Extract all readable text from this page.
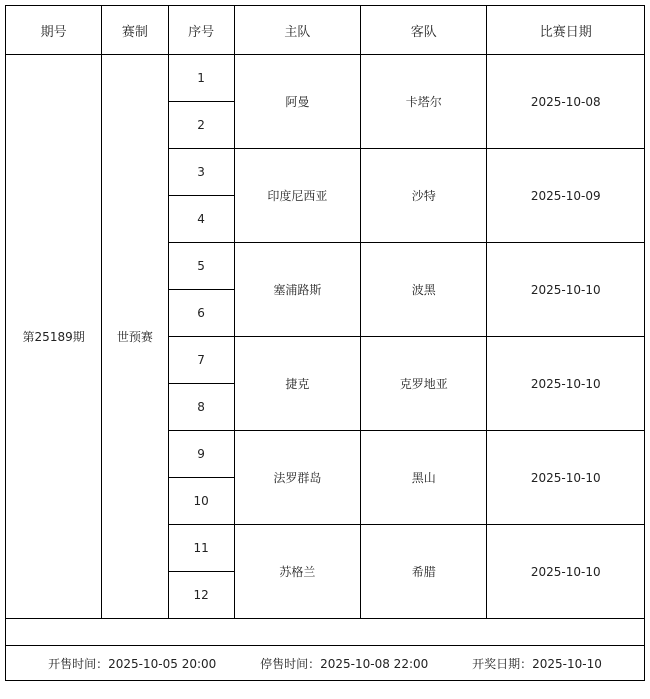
期号	赛制	序号	主队	客队	比赛日期
第25189期	世预赛	1	阿曼	卡塔尔	2025-10-08
		2			
		3	印度尼西亚	沙特	2025-10-09
		4			
		5	塞浦路斯	波黑	2025-10-10
		6			
		7	捷克	克罗地亚	2025-10-10
		8			
		9	法罗群岛	黑山	2025-10-10
		10			
		11	苏格兰	希腊	2025-10-10
		12			

开售时间：2025-10-05 20:00 停售时间：2025-10-08 22:00 开奖日期：2025-10-10					
